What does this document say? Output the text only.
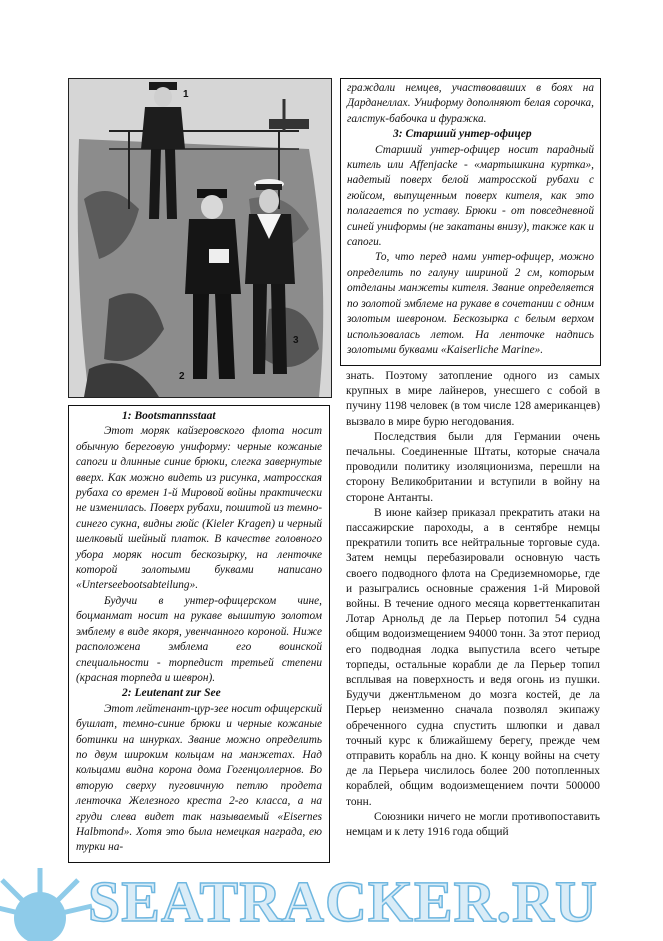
1
2
3

граждали немцев, участвовавших в боях на Дарданеллах. Униформу дополняют белая сорочка, галстук-бабочка и фуражка.

3: Старший унтер-офицер

Старший унтер-офицер носит парадный китель или Affenjacke - «мартышкина куртка», надетый поверх белой матросской рубахи с гюйсом, выпущенным поверх кителя, как это полагается по уставу. Брюки - от повседневной синей униформы (не закатаны внизу), также как и сапоги.

То, что перед нами унтер-офицер, можно определить по галуну шириной 2 см, которым отделаны манжеты кителя. Звание определяется по золотой эмблеме на рукаве в сочетании с одним золотым шевроном. Бескозырка с белым верхом использовалась летом. На ленточке надпись золотыми буквами «Kaiserliche Marine».

1: Bootsmannsstaat

Этот моряк кайзеровского флота носит обычную береговую униформу: черные кожаные сапоги и длинные синие брюки, слегка завернутые вверх. Как можно видеть из рисунка, матросская рубаха со времен 1-й Мировой войны практически не изменилась. Поверх рубахи, пошитой из темно-синего сукна, видны гюйс (Kieler Kragen) и черный шелковый шейный платок. В качестве головного убора моряк носит бескозырку, на ленточке которой золотыми буквами написано «Unterseebootsabteilung».

Будучи в унтер-офицерском чине, боцманмат носит на рукаве вышитую золотом эмблему в виде якоря, увенчанного короной. Ниже расположена эмблема его воинской специальности - торпедист третьей степени (красная торпеда и шеврон).

2: Leutenant zur See

Этот лейтенант-цур-зее носит офицерский бушлат, темно-синие брюки и черные кожаные ботинки на шнурках. Звание можно определить по двум широким кольцам на манжетах. Над кольцами видна корона дома Гогенцоллернов. Во вторую сверху пуговичную петлю продета ленточка Железного креста 2-го класса, а на груди слева видет так называемый «Eisernes Halbmond». Хотя это была немецкая награда, ею турки на-

знать. Поэтому затопление одного из самых крупных в мире лайнеров, унесшего с собой в пучину 1198 человек (в том числе 128 американцев) вызвало в мире бурю негодования.

Последствия были для Германии очень печальны. Соединенные Штаты, которые сначала проводили политику изоляционизма, перешли на сторону Великобритании и вступили в войну на стороне Антанты.

В июне кайзер приказал прекратить атаки на пассажирские пароходы, а в сентябре немцы прекратили топить все нейтральные торговые суда. Затем немцы перебазировали основную часть своего подводного флота на Средиземноморье, где и разыгрались основные сражения 1-й Мировой войны. В течение одного месяца корветтенкапитан Лотар Арнольд де ла Перьер потопил 54 судна общим водоизмещением 94000 тонн. За этот период его подводная лодка выпустила всего четыре торпеды, остальные корабли де ла Перьер топил всплывая на поверхность и ведя огонь из пушки. Будучи джентльменом до мозга костей, де ла Перьер неизменно сначала позволял экипажу обреченного судна спустить шлюпки и давал точный курс к ближайшему берегу, прежде чем отправить корабль на дно. К концу войны на счету де ла Перьера числилось более 200 потопленных кораблей, общим водоизмещением почти 500000 тонн.

Союзники ничего не могли противопоставить немцам и к лету 1916 года общий

SEATRACKER.RU
